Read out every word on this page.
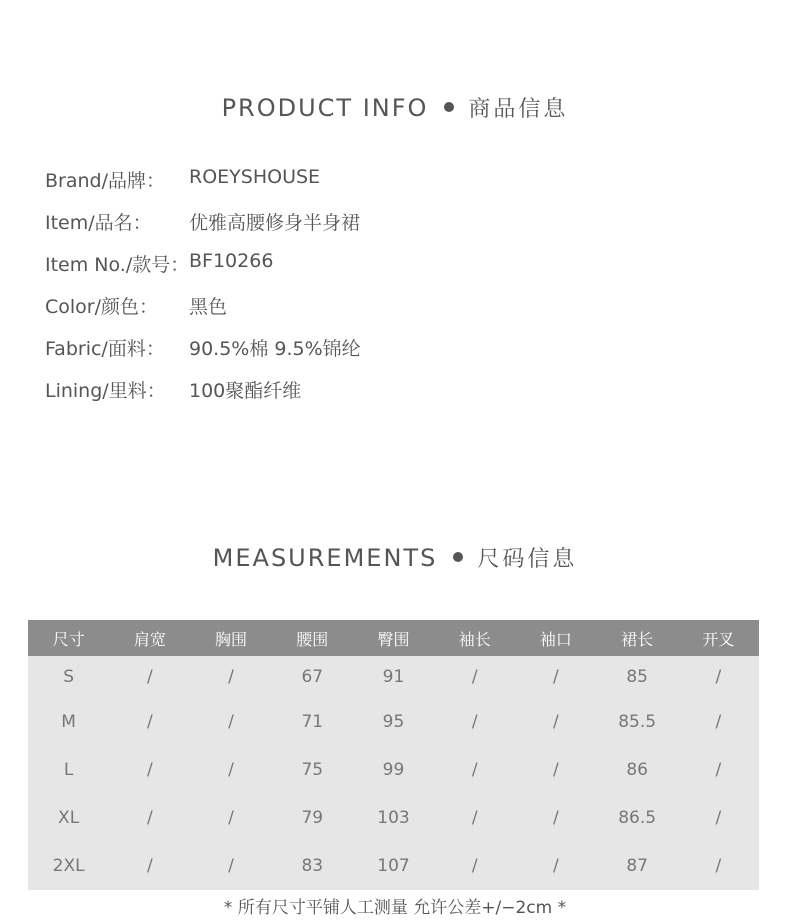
PRODUCT INFO 商品信息
Brand/品牌： ROEYSHOUSE
Item/品名： 优雅高腰修身半身裙
Item No./款号： BF10266
Color/颜色： 黑色
Fabric/面料： 90.5%棉 9.5%锦纶
Lining/里料： 100聚酯纤维
MEASUREMENTS 尺码信息
尺寸	肩宽	胸围	腰围	臀围	袖长	袖口	裙长	开叉
S	/	/	67	91	/	/	85	/
M	/	/	71	95	/	/	85.5	/
L	/	/	75	99	/	/	86	/
XL	/	/	79	103	/	/	86.5	/
2XL	/	/	83	107	/	/	87	/
* 所有尺寸平铺人工测量 允许公差+/−2cm *
